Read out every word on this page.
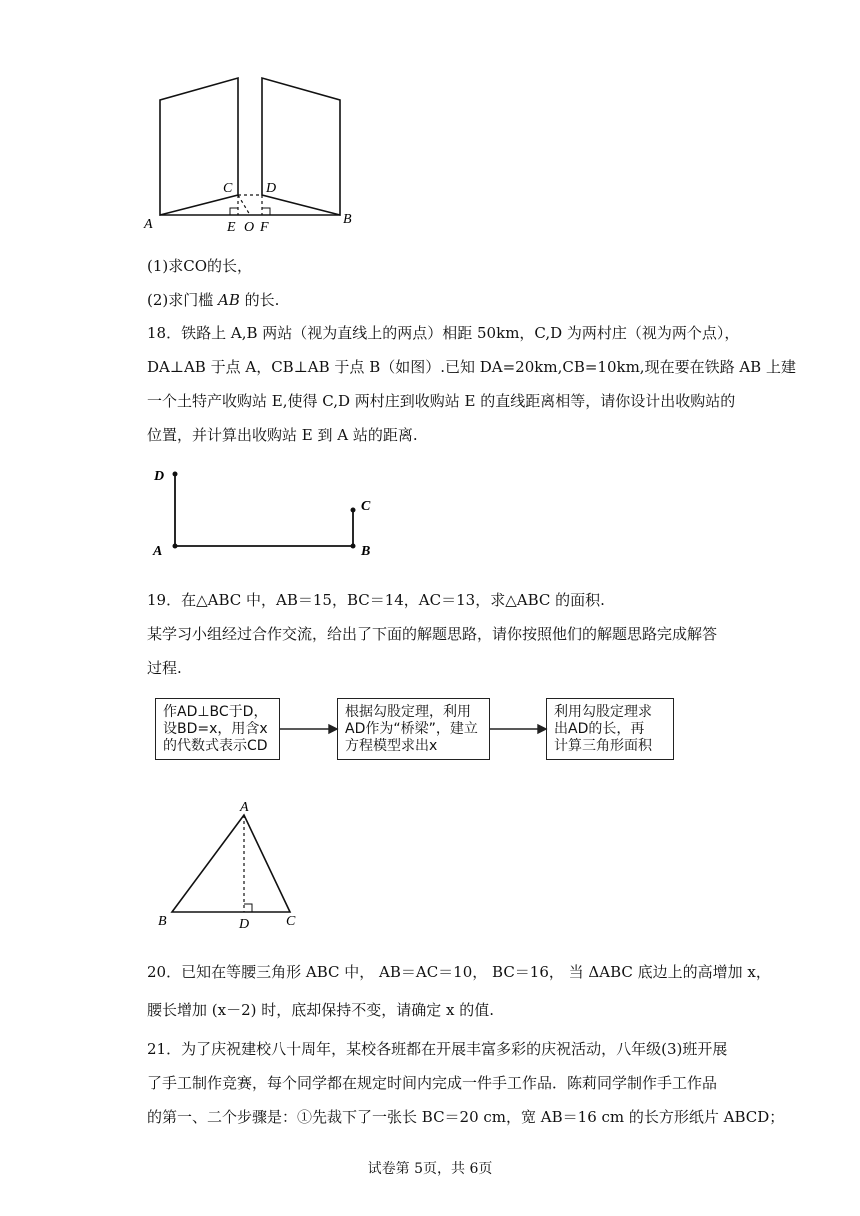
A	B
C D
E O F
(1)求CO的长，
(2)求门槛 AB 的长.
18．铁路上 A,B 两站（视为直线上的两点）相距 50km，C,D 为两村庄（视为两个点），
DA⊥AB 于点 A，CB⊥AB 于点 B（如图）.已知 DA=20km,CB=10km,现在要在铁路 AB 上建
一个土特产收购站 E,使得 C,D 两村庄到收购站 E 的直线距离相等，请你设计出收购站的
位置，并计算出收购站 E 到 A 站的距离.
D
C
A	B
19．在△ABC 中，AB＝15，BC＝14，AC＝13，求△ABC 的面积.
某学习小组经过合作交流，给出了下面的解题思路，请你按照他们的解题思路完成解答
过程.
作AD⊥BC于D，
设BD=x，用含x
的代数式表示CD
根据勾股定理，利用
AD作为“桥梁”，建立
方程模型求出x
利用勾股定理求
出AD的长，再
计算三角形面积
A
B	C
D
20．已知在等腰三角形 ABC 中， AB＝AC＝10， BC＝16， 当 ΔABC 底边上的高增加 x，
腰长增加 (x－2) 时，底却保持不变，请确定 x 的值.
21．为了庆祝建校八十周年，某校各班都在开展丰富多彩的庆祝活动，八年级(3)班开展
了手工制作竞赛，每个同学都在规定时间内完成一件手工作品．陈莉同学制作手工作品
的第一、二个步骤是：①先裁下了一张长 BC＝20 cm，宽 AB＝16 cm 的长方形纸片 ABCD；
试卷第 5页，共 6页
